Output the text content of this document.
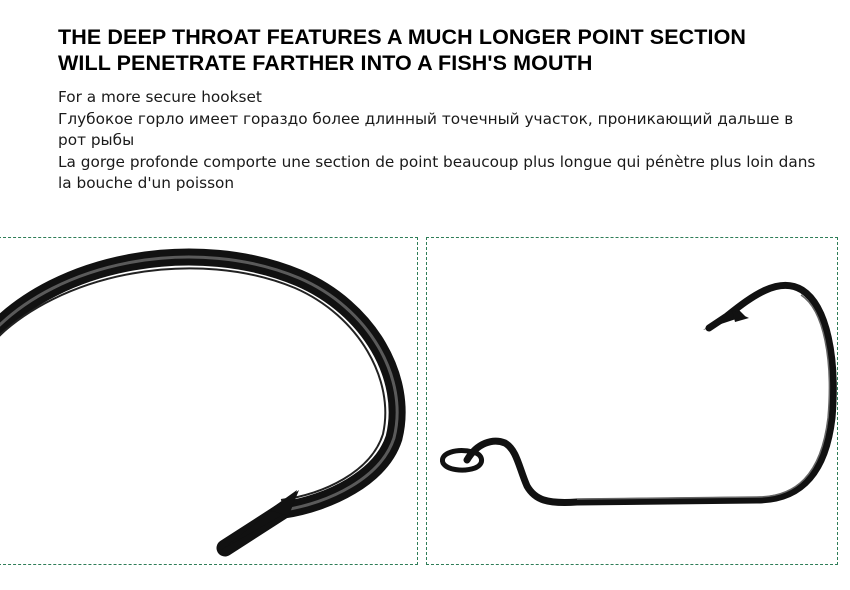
THE DEEP THROAT FEATURES A MUCH LONGER POINT SECTION
WILL PENETRATE FARTHER INTO A FISH'S MOUTH

For a more secure hookset

Глубокое горло имеет гораздо более длинный точечный участок, проникающий дальше в рот рыбы

La gorge profonde comporte une section de point beaucoup plus longue qui pénètre plus loin dans la bouche d'un poisson
